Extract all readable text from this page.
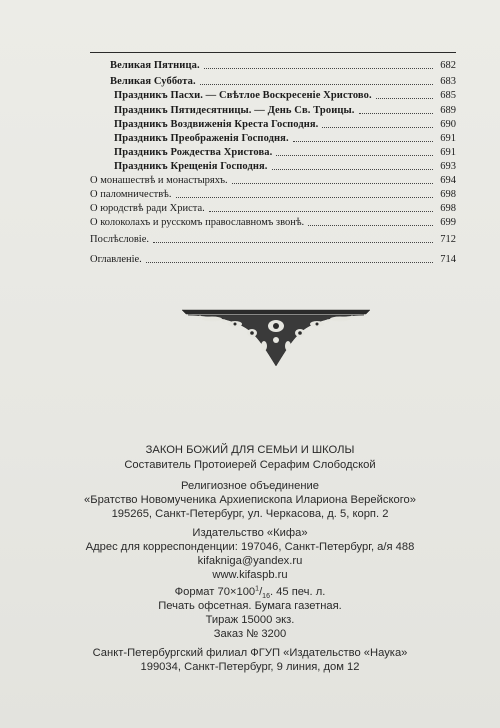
Великая Пятница.	682
Великая Суббота.	683
Праздникъ Пасхи. — Свѣтлое Воскресеніе Христово.	685
Праздникъ Пятидесятницы. — День Св. Троицы.	689
Праздникъ Воздвиженія Креста Господня.	690
Праздникъ Преображенія Господня.	691
Праздникъ Рождества Христова.	691
Праздникъ Крещенія Господня.	693
О монашествѣ и монастыряхъ.	694
О паломничествѣ.	698
О юродствѣ ради Христа.	698
О колоколахъ и русскомъ православномъ звонѣ.	699
Послѣсловіе.	712
Оглавленіе.	714
ЗАКОН БОЖИЙ ДЛЯ СЕМЬИ И ШКОЛЫ
Составитель Протоиерей Серафим Слободской
Религиозное объединение
«Братство Новомученика Архиепископа Илариона Верейского»
195265, Санкт-Петербург, ул. Черкасова, д. 5, корп. 2
Издательство «Кифа»
Адрес для корреспонденции: 197046, Санкт-Петербург, а/я 488
kifakniga@yandex.ru
www.kifaspb.ru
Формат $70\times 100^1/_{16}$. 45 печ. л.
Печать офсетная. Бумага газетная.
Тираж 15000 экз.
Заказ № 3200
Санкт-Петербургский филиал ФГУП «Издательство «Наука»
199034, Санкт-Петербург, 9 линия, дом 12
